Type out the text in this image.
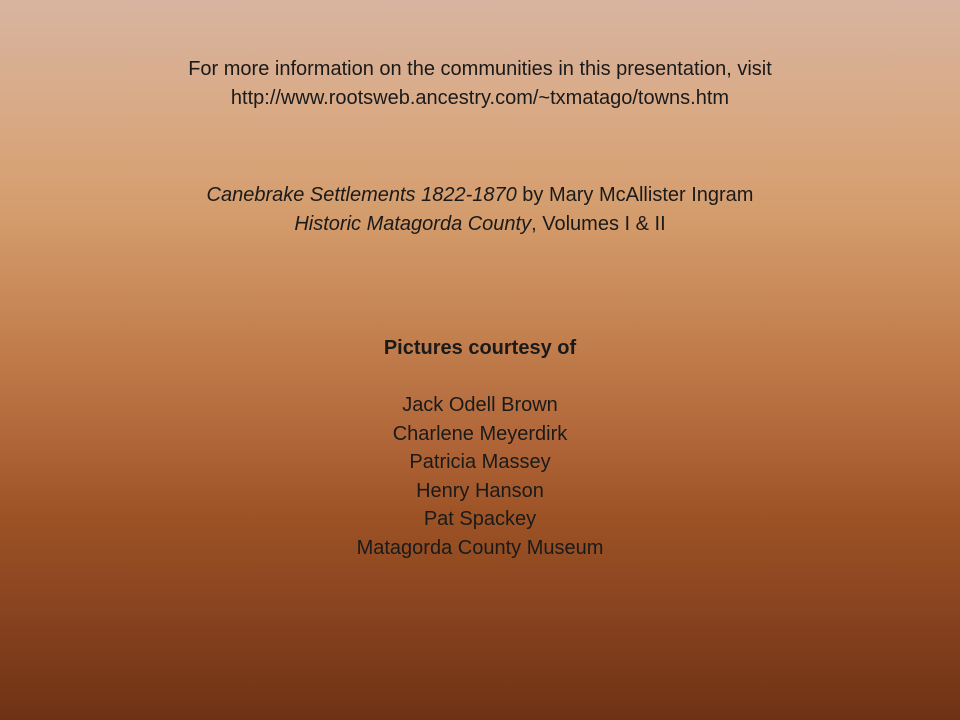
For more information on the communities in this presentation, visit
http://www.rootsweb.ancestry.com/~txmatago/towns.htm
Canebrake Settlements 1822-1870 by Mary McAllister Ingram
Historic Matagorda County, Volumes I & II
Pictures courtesy of
Jack Odell Brown
Charlene Meyerdirk
Patricia Massey
Henry Hanson
Pat Spackey
Matagorda County Museum
